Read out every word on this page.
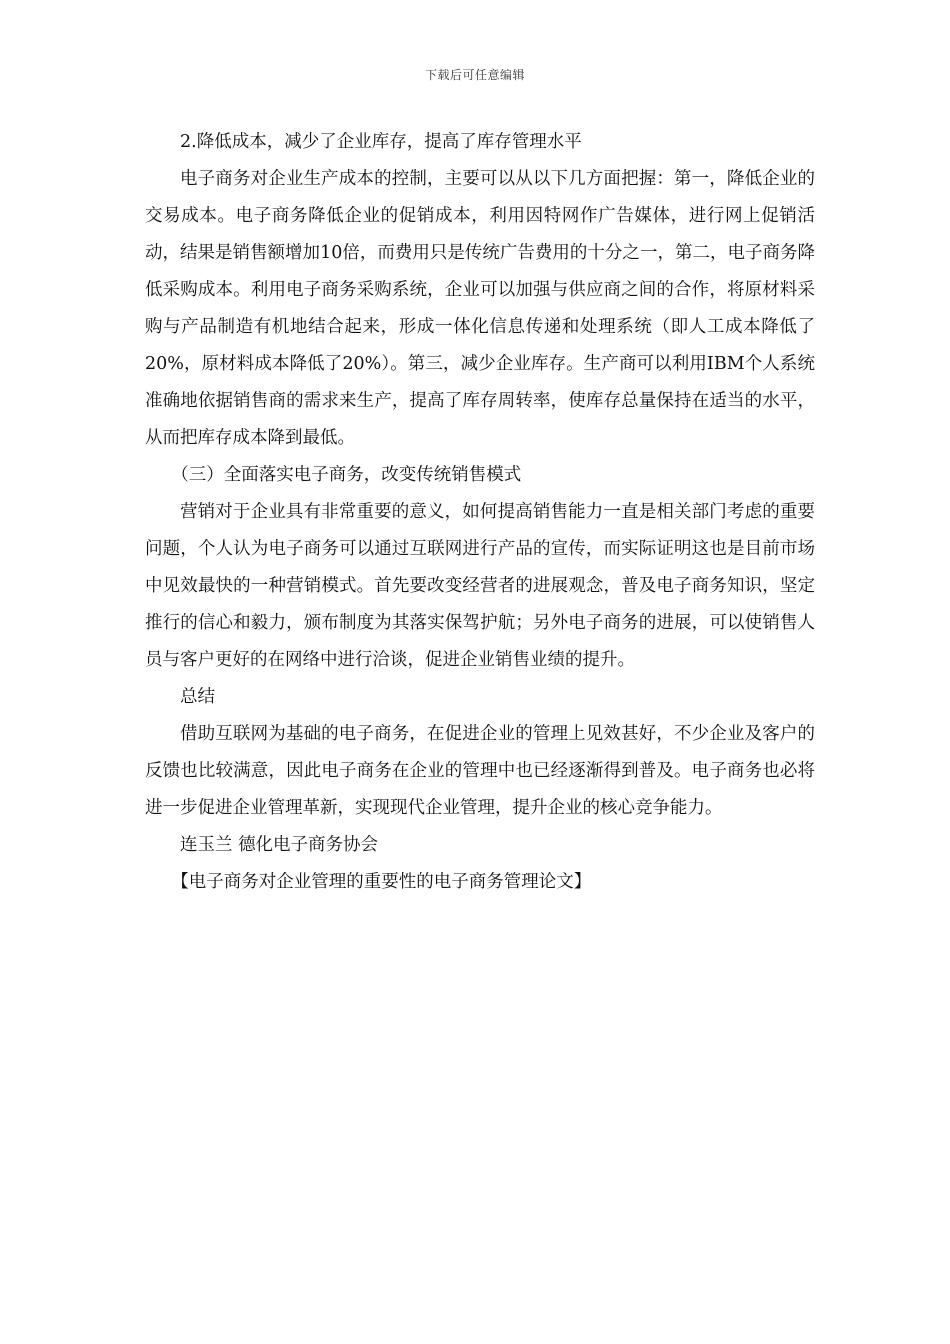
下载后可任意编辑

2.降低成本，减少了企业库存，提高了库存管理水平

电子商务对企业生产成本的控制，主要可以从以下几方面把握：第一，降低企业的交易成本。电子商务降低企业的促销成本，利用因特网作广告媒体，进行网上促销活动，结果是销售额增加10倍，而费用只是传统广告费用的十分之一，第二，电子商务降低采购成本。利用电子商务采购系统，企业可以加强与供应商之间的合作，将原材料采购与产品制造有机地结合起来，形成一体化信息传递和处理系统（即人工成本降低了20%，原材料成本降低了20%）。第三，减少企业库存。生产商可以利用IBM个人系统准确地依据销售商的需求来生产，提高了库存周转率，使库存总量保持在适当的水平，从而把库存成本降到最低。

（三）全面落实电子商务，改变传统销售模式

营销对于企业具有非常重要的意义，如何提高销售能力一直是相关部门考虑的重要问题，个人认为电子商务可以通过互联网进行产品的宣传，而实际证明这也是目前市场中见效最快的一种营销模式。首先要改变经营者的进展观念，普及电子商务知识，坚定推行的信心和毅力，颁布制度为其落实保驾护航；另外电子商务的进展，可以使销售人员与客户更好的在网络中进行洽谈，促进企业销售业绩的提升。

总结

借助互联网为基础的电子商务，在促进企业的管理上见效甚好，不少企业及客户的反馈也比较满意，因此电子商务在企业的管理中也已经逐渐得到普及。电子商务也必将进一步促进企业管理革新，实现现代企业管理，提升企业的核心竞争能力。

连玉兰 德化电子商务协会

【电子商务对企业管理的重要性的电子商务管理论文】
